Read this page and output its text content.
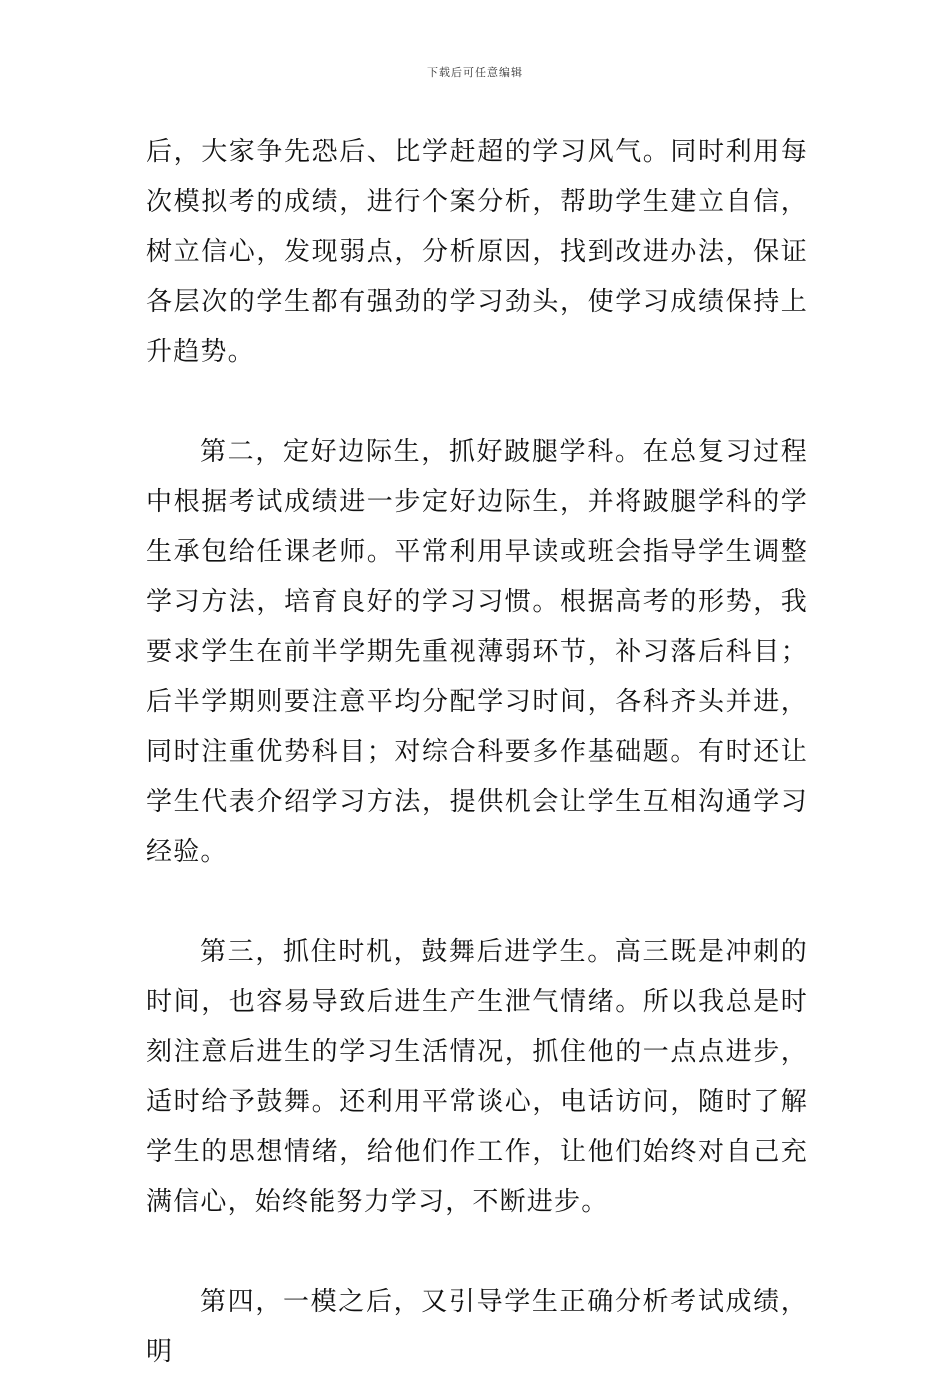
下载后可任意编辑

后，大家争先恐后、比学赶超的学习风气。同时利用每次模拟考的成绩，进行个案分析，帮助学生建立自信，树立信心，发现弱点，分析原因，找到改进办法，保证各层次的学生都有强劲的学习劲头，使学习成绩保持上升趋势。

第二，定好边际生，抓好跛腿学科。在总复习过程中根据考试成绩进一步定好边际生，并将跛腿学科的学生承包给任课老师。平常利用早读或班会指导学生调整学习方法，培育良好的学习习惯。根据高考的形势，我要求学生在前半学期先重视薄弱环节，补习落后科目；后半学期则要注意平均分配学习时间，各科齐头并进，同时注重优势科目；对综合科要多作基础题。有时还让学生代表介绍学习方法，提供机会让学生互相沟通学习经验。

第三，抓住时机，鼓舞后进学生。高三既是冲刺的时间，也容易导致后进生产生泄气情绪。所以我总是时刻注意后进生的学习生活情况，抓住他的一点点进步，适时给予鼓舞。还利用平常谈心，电话访问，随时了解学生的思想情绪，给他们作工作，让他们始终对自己充满信心，始终能努力学习，不断进步。

第四，一模之后，又引导学生正确分析考试成绩，明
